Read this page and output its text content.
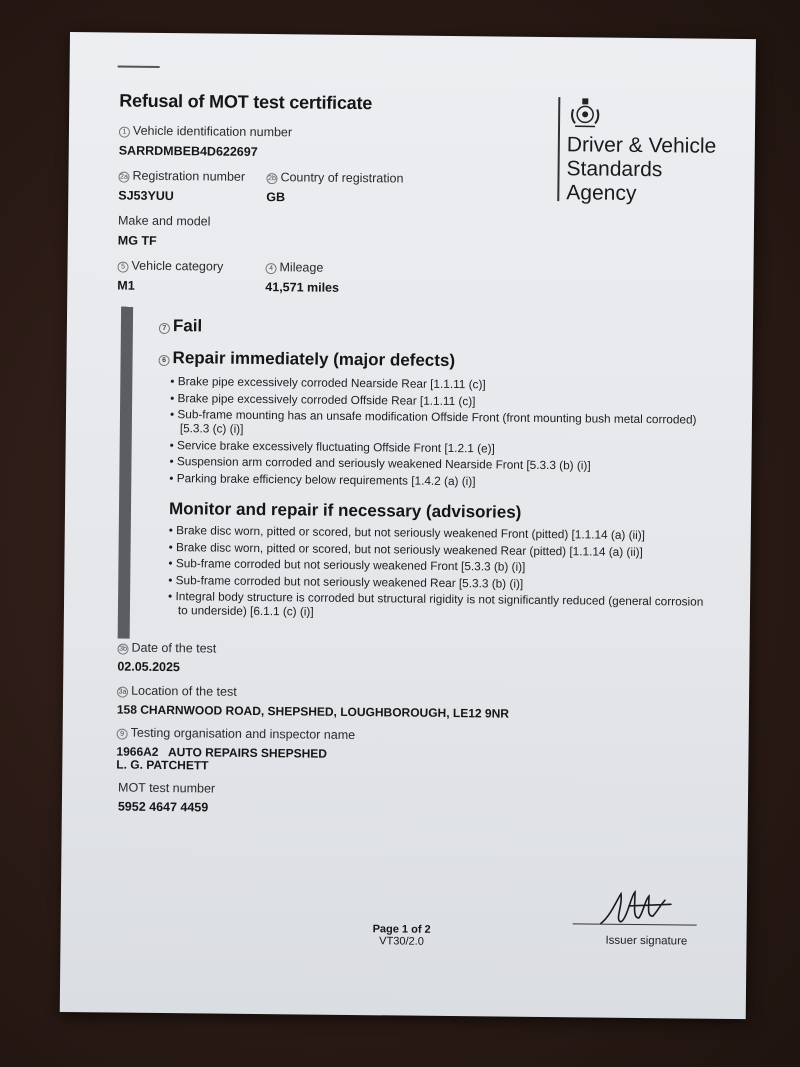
Refusal of MOT test certificate
Driver & Vehicle
Standards
Agency
1 Vehicle identification number
SARRDMBEB4D622697
2a Registration number
SJ53YUU
2b Country of registration
GB
Make and model
MG TF
5 Vehicle category
M1
4 Mileage
41,571 miles
7 Fail
6 Repair immediately (major defects)
• Brake pipe excessively corroded Nearside Rear [1.1.11 (c)]
• Brake pipe excessively corroded Offside Rear [1.1.11 (c)]
• Sub-frame mounting has an unsafe modification Offside Front (front mounting bush metal corroded) [5.3.3 (c) (i)]
• Service brake excessively fluctuating Offside Front [1.2.1 (e)]
• Suspension arm corroded and seriously weakened Nearside Front [5.3.3 (b) (i)]
• Parking brake efficiency below requirements [1.4.2 (a) (i)]
Monitor and repair if necessary (advisories)
• Brake disc worn, pitted or scored, but not seriously weakened Front (pitted) [1.1.14 (a) (ii)]
• Brake disc worn, pitted or scored, but not seriously weakened Rear (pitted) [1.1.14 (a) (ii)]
• Sub-frame corroded but not seriously weakened Front [5.3.3 (b) (i)]
• Sub-frame corroded but not seriously weakened Rear [5.3.3 (b) (i)]
• Integral body structure is corroded but structural rigidity is not significantly reduced (general corrosion to underside) [6.1.1 (c) (i)]
3b Date of the test
02.05.2025
3a Location of the test
158 CHARNWOOD ROAD, SHEPSHED, LOUGHBOROUGH, LE12 9NR
9 Testing organisation and inspector name
1966A2   AUTO REPAIRS SHEPSHED
L. G. PATCHETT
MOT test number
5952 4647 4459
Page 1 of 2
VT30/2.0	Issuer signature
